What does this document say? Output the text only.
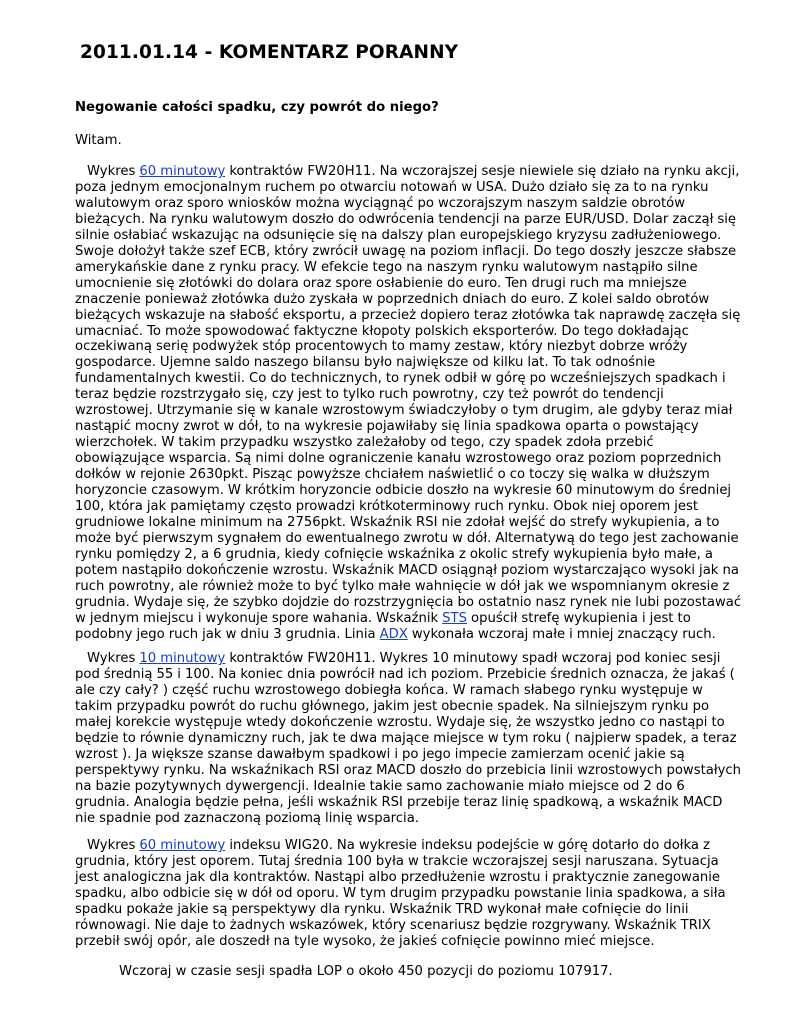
2011.01.14 - KOMENTARZ PORANNY

Negowanie całości spadku, czy powrót do niego?

Witam.

Wykres 60 minutowy kontraktów FW20H11. Na wczorajszej sesje niewiele się działo na rynku akcji, poza jednym emocjonalnym ruchem po otwarciu notowań w USA. Dużo działo się za to na rynku walutowym oraz sporo wniosków można wyciągnąć po wczorajszym naszym saldzie obrotów bieżących. Na rynku walutowym doszło do odwrócenia tendencji na parze EUR/USD. Dolar zaczął się silnie osłabiać wskazując na odsunięcie się na dalszy plan europejskiego kryzysu zadłużeniowego. Swoje dołożył także szef ECB, który zwrócił uwagę na poziom inflacji. Do tego doszły jeszcze słabsze amerykańskie dane z rynku pracy. W efekcie tego na naszym rynku walutowym nastąpiło silne umocnienie się złotówki do dolara oraz spore osłabienie do euro. Ten drugi ruch ma mniejsze znaczenie ponieważ złotówka dużo zyskała w poprzednich dniach do euro. Z kolei saldo obrotów bieżących wskazuje na słabość eksportu, a przecież dopiero teraz złotówka tak naprawdę zaczęła się umacniać. To może spowodować faktyczne kłopoty polskich eksporterów. Do tego dokładając oczekiwaną serię podwyżek stóp procentowych to mamy zestaw, który niezbyt dobrze wróży gospodarce. Ujemne saldo naszego bilansu było największe od kilku lat. To tak odnośnie fundamentalnych kwestii. Co do technicznych, to rynek odbił w górę po wcześniejszych spadkach i teraz będzie rozstrzygało się, czy jest to tylko ruch powrotny, czy też powrót do tendencji wzrostowej. Utrzymanie się w kanale wzrostowym świadczyłoby o tym drugim, ale gdyby teraz miał nastąpić mocny zwrot w dół, to na wykresie pojawiłaby się linia spadkowa oparta o powstający wierzchołek. W takim przypadku wszystko zależałoby od tego, czy spadek zdoła przebić obowiązujące wsparcia. Są nimi dolne ograniczenie kanału wzrostowego oraz poziom poprzednich dołków w rejonie 2630pkt. Pisząc powyższe chciałem naświetlić o co toczy się walka w dłuższym horyzoncie czasowym. W krótkim horyzoncie odbicie doszło na wykresie 60 minutowym do średniej 100, która jak pamiętamy często prowadzi krótkoterminowy ruch rynku. Obok niej oporem jest grudniowe lokalne minimum na 2756pkt. Wskaźnik RSI nie zdołał wejść do strefy wykupienia, a to może być pierwszym sygnałem do ewentualnego zwrotu w dół. Alternatywą do tego jest zachowanie rynku pomiędzy 2, a 6 grudnia, kiedy cofnięcie wskaźnika z okolic strefy wykupienia było małe, a potem nastąpiło dokończenie wzrostu. Wskaźnik MACD osiągnął poziom wystarczająco wysoki jak na ruch powrotny, ale również może to być tylko małe wahnięcie w dół jak we wspomnianym okresie z grudnia. Wydaje się, że szybko dojdzie do rozstrzygnięcia bo ostatnio nasz rynek nie lubi pozostawać w jednym miejscu i wykonuje spore wahania. Wskaźnik STS opuścił strefę wykupienia i jest to podobny jego ruch jak w dniu 3 grudnia. Linia ADX wykonała wczoraj małe i mniej znaczący ruch.

Wykres 10 minutowy kontraktów FW20H11. Wykres 10 minutowy spadł wczoraj pod koniec sesji pod średnią 55 i 100. Na koniec dnia powrócił nad ich poziom. Przebicie średnich oznacza, że jakaś ( ale czy cały? ) część ruchu wzrostowego dobiegła końca. W ramach słabego rynku występuje w takim przypadku powrót do ruchu głównego, jakim jest obecnie spadek. Na silniejszym rynku po małej korekcie występuje wtedy dokończenie wzrostu. Wydaje się, że wszystko jedno co nastąpi to będzie to równie dynamiczny ruch, jak te dwa mające miejsce w tym roku ( najpierw spadek, a teraz wzrost ). Ja większe szanse dawałbym spadkowi i po jego impecie zamierzam ocenić jakie są perspektywy rynku. Na wskaźnikach RSI oraz MACD doszło do przebicia linii wzrostowych powstałych na bazie pozytywnych dywergencji. Idealnie takie samo zachowanie miało miejsce od 2 do 6 grudnia. Analogia będzie pełna, jeśli wskaźnik RSI przebije teraz linię spadkową, a wskaźnik MACD nie spadnie pod zaznaczoną poziomą linię wsparcia.

Wykres 60 minutowy indeksu WIG20. Na wykresie indeksu podejście w górę dotarło do dołka z grudnia, który jest oporem. Tutaj średnia 100 była w trakcie wczorajszej sesji naruszana. Sytuacja jest analogiczna jak dla kontraktów. Nastąpi albo przedłużenie wzrostu i praktycznie zanegowanie spadku, albo odbicie się w dół od oporu. W tym drugim przypadku powstanie linia spadkowa, a siła spadku pokaże jakie są perspektywy dla rynku. Wskaźnik TRD wykonał małe cofnięcie do linii równowagi. Nie daje to żadnych wskazówek, który scenariusz będzie rozgrywany. Wskaźnik TRIX przebił swój opór, ale doszedł na tyle wysoko, że jakieś cofnięcie powinno mieć miejsce.

Wczoraj w czasie sesji spadła LOP o około 450 pozycji do poziomu 107917.
